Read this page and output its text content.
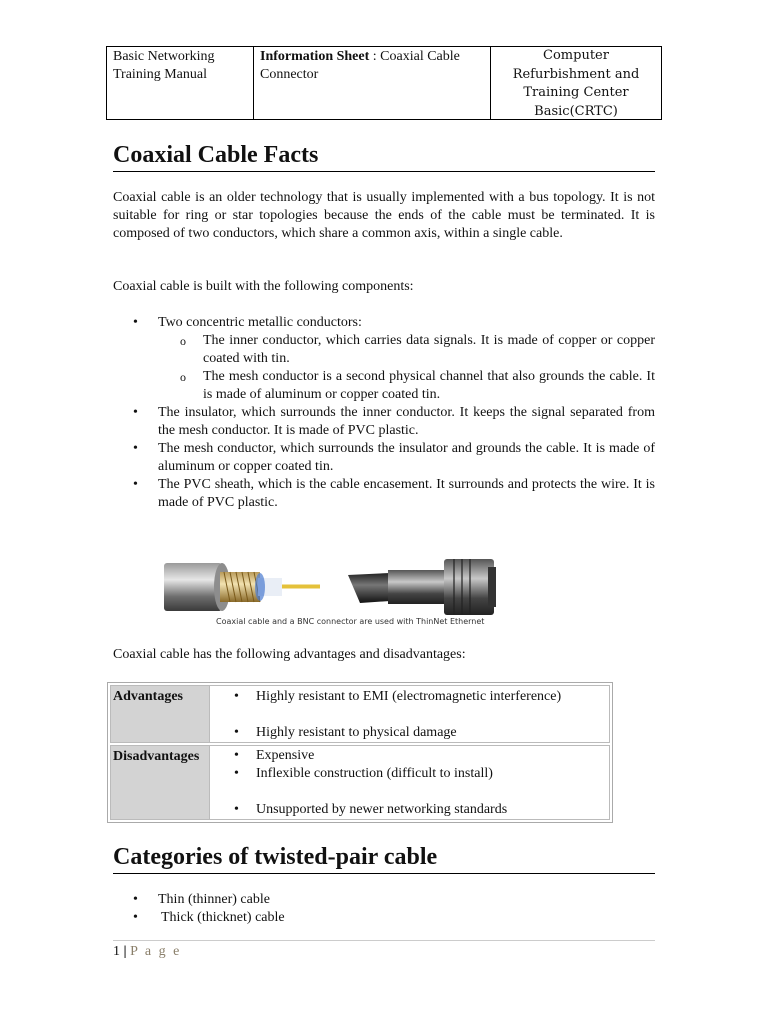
Basic Networking Training Manual
Information Sheet : Coaxial Cable Connector
Computer Refurbishment and Training Center Basic(CRTC)
Coaxial Cable Facts

Coaxial cable is an older technology that is usually implemented with a bus topology. It is not suitable for ring or star topologies because the ends of the cable must be terminated. It is composed of two conductors, which share a common axis, within a single cable.

Coaxial cable is built with the following components:

• Two concentric metallic conductors:
o The inner conductor, which carries data signals. It is made of copper or copper coated with tin.
o The mesh conductor is a second physical channel that also grounds the cable. It is made of aluminum or copper coated tin.
• The insulator, which surrounds the inner conductor. It keeps the signal separated from the mesh conductor. It is made of PVC plastic.
• The mesh conductor, which surrounds the insulator and grounds the cable. It is made of aluminum or copper coated tin.
• The PVC sheath, which is the cable encasement. It surrounds and protects the wire. It is made of PVC plastic.
Coaxial cable and a BNC connector are used with ThinNet Ethernet

Coaxial cable has the following advantages and disadvantages:

Advantages	• Highly resistant to EMI (electromagnetic interference)
• Highly resistant to physical damage
Disadvantages	• Expensive
• Inflexible construction (difficult to install)
• Unsupported by newer networking standards
Categories of twisted-pair cable
• Thin (thinner) cable
• Thick (thicknet) cable
1 | P a g e
